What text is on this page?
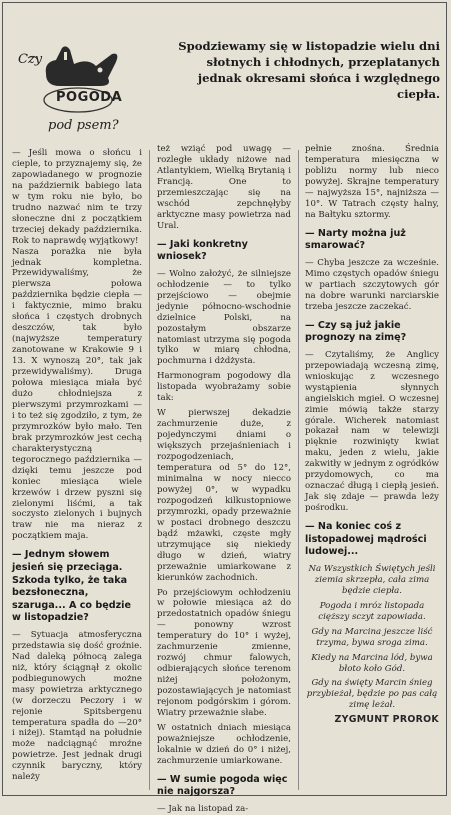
Czy
POGODA
pod psem?
Spodziewamy się w listopadzie wielu dni słotnych i chłodnych, przeplatanych jednak okresami słońca i względnego ciepła.

— Jeśli mowa o słońcu i cieple, to przyznajemy się, że zapowiadanego w prognozie na październik babiego lata w tym roku nie było, bo trudno nazwać nim te trzy słoneczne dni z początkiem trzeciej dekady października. Rok to naprawdę wyjątkowy!

Nasza porażka nie była jednak kompletna. Przewidywaliśmy, że pierwsza połowa października będzie ciepła — i faktycznie, mimo braku słońca i częstych drobnych deszczów, tak było (najwyższe temperatury zanotowane w Krakowie 9 i 13. X wynoszą 20°, tak jak przewidywaliśmy). Druga połowa miesiąca miała być dużo chłodniejsza z pierwszymi przymrozkami — i to też się zgodziło, z tym, że przymrozków było mało. Ten brak przymrozków jest cechą charakterystyczną tegorocznego października — dzięki temu jeszcze pod koniec miesiąca wiele krzewów i drzew pyszni się zielonymi liśćmi, a tak soczysto zielonych i bujnych traw nie ma nieraz z początkiem maja.

— Jednym słowem jesień się przeciąga. Szkoda tylko, że taka bezsłoneczna, szaruga... A co będzie w listopadzie?

— Sytuacja atmosferyczna przedstawia się dość groźnie. Nad daleką północą zalega niż, który ściągnął z okolic podbiegunowych możne masy powietrza arktycznego (w dorzeczu Peczory i w rejonie Spitsbergenu temperatura spadła do —20° i niżej). Stamtąd na południe może nadciągnąć mroźne powietrze. Jest jednak drugi czynnik baryczny, który należy

też wziąć pod uwagę — rozległe układy niżowe nad Atlantykiem, Wielką Brytanią i Francją. One to przemieszczając się na wschód zepchnęłyby arktyczne masy powietrza nad Ural.

— Jaki konkretny wniosek?

— Wolno założyć, że silniejsze ochłodzenie — to tylko przejściowo — obejmie jedynie północno-wschodnie dzielnice Polski, na pozostałym obszarze natomiast utrzyma się pogoda tylko w miarę chłodna, pochmurna i dżdżysta.

Harmonogram pogodowy dla listopada wyobrażamy sobie tak:

W pierwszej dekadzie zachmurzenie duże, z pojedynczymi dniami o większych przejaśnieniach i rozpogodzeniach, temperatura od 5° do 12°, minimalna w nocy niecco powyżej 0°, w wypadku rozpogodzeń kilkustopniowe przymrozki, opady przeważnie w postaci drobnego deszczu bądź mżawki, częste mgły utrzymujące się niekiedy długo w dzień, wiatry przeważnie umiarkowane z kierunków zachodnich.

Po przejściowym ochłodzeniu w połowie miesiąca aż do przedostatnich opadów śniegu — ponowny wzrost temperatury do 10° i wyżej, zachmurzenie zmienne, rozwój chmur falowych, odbierających słońce terenom niżej położonym, pozostawiających je natomiast rejonom podgórskim i górom. Wiatry przeważnie słabe.

W ostatnich dniach miesiąca poważniejsze ochłodzenie, lokalnie w dzień do 0° i niżej, zachmurzenie umiarkowane.

— W sumie pogoda więc nie najgorsza?

— Jak na listopad za-

pełnie znośna. Średnia temperatura miesięczna w pobliżu normy lub nieco powyżej. Skrajne temperatury — najwyższa 15°, najniższa —10°. W Tatrach częsty halny, na Bałtyku sztormy.

— Narty można już smarować?

— Chyba jeszcze za wcześnie. Mimo częstych opadów śniegu w partiach szczytowych gór na dobre warunki narciarskie trzeba jeszcze zaczekać.

— Czy są już jakie prognozy na zimę?

— Czytaliśmy, że Anglicy przepowiadają wczesną zimę, wnioskując z wczesnego wystąpienia słynnych angielskich mgieł. O wczesnej zimie mówią także starzy górale. Wicherek natomiast pokazał nam w telewizji pięknie rozwinięty kwiat maku, jeden z wielu, jakie zakwitły w jednym z ogródków przydomowych, co ma oznaczać długą i ciepłą jesień. Jak się zdaje — prawda leży pośrodku.

— Na koniec coś z listopadowej mądrości ludowej...

Na Wszystkich Świętych jeśli ziemia skrzepła, cała zima będzie ciepła.

Pogoda i mróz listopada cięższy sczyt zapowiada.

Gdy na Marcina jeszcze liść trzyma, bywa sroga zima.

Kiedy na Marcina lód, bywa błoto koło Gód.

Gdy na święty Marcin śnieg przybieżał, będzie po pas całą zimę leżał.

ZYGMUNT PROROK
